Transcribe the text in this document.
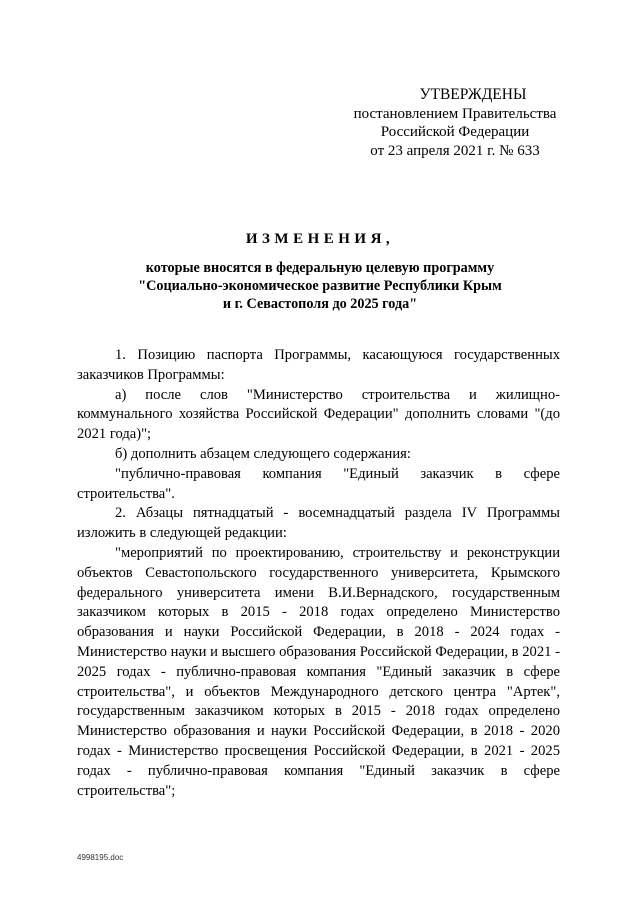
УТВЕРЖДЕНЫ
постановлением Правительства
Российской Федерации
от 23 апреля 2021 г. № 633
ИЗМЕНЕНИЯ,
которые вносятся в федеральную целевую программу
"Социально-экономическое развитие Республики Крым
и г. Севастополя до 2025 года"

1. Позицию паспорта Программы, касающуюся государственных заказчиков Программы:

а) после слов "Министерство строительства и жилищно-коммунального хозяйства Российской Федерации" дополнить словами "(до 2021 года)";

б) дополнить абзацем следующего содержания:

"публично-правовая компания "Единый заказчик в сфере строительства".

2. Абзацы пятнадцатый - восемнадцатый раздела IV Программы изложить в следующей редакции:

"мероприятий по проектированию, строительству и реконструкции объектов Севастопольского государственного университета, Крымского федерального университета имени В.И.Вернадского, государственным заказчиком которых в 2015 - 2018 годах определено Министерство образования и науки Российской Федерации, в 2018 - 2024 годах - Министерство науки и высшего образования Российской Федерации, в 2021 - 2025 годах - публично-правовая компания "Единый заказчик в сфере строительства", и объектов Международного детского центра "Артек", государственным заказчиком которых в 2015 - 2018 годах определено Министерство образования и науки Российской Федерации, в 2018 - 2020 годах - Министерство просвещения Российской Федерации, в 2021 - 2025 годах - публично-правовая компания "Единый заказчик в сфере строительства";

4998195.doc
